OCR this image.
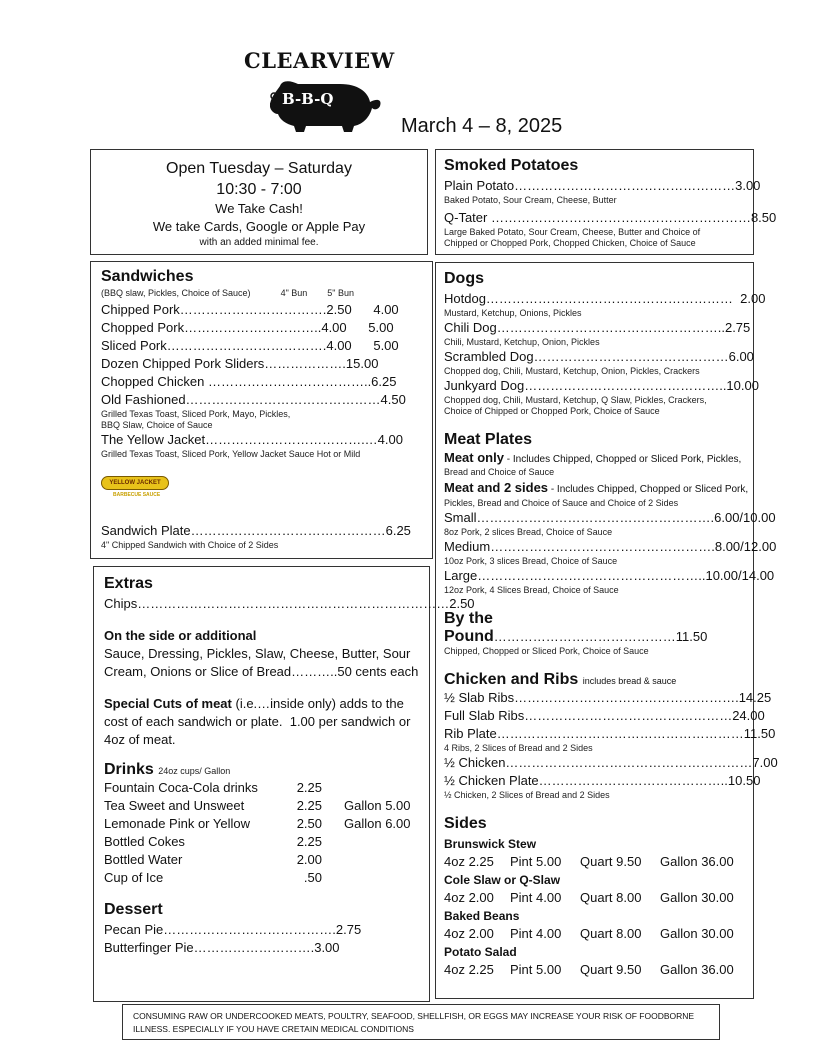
CLEARVIEW
B-B-Q
March 4 – 8, 2025
Open Tuesday – Saturday
10:30 - 7:00
We Take Cash!
We take Cards, Google or Apple Pay
with an added minimal fee.
Sandwiches
(BBQ slaw, Pickles, Choice of Sauce)            4" Bun        5" Bun
Chipped Pork…………………………….2.50      4.00
Chopped Pork…………………………..4.00      5.00
Sliced Pork……………………………….4.00      5.00
Dozen Chipped Pork Sliders……………….15.00
Chopped Chicken ………………………………..6.25
Old Fashioned………………………………………4.50
Grilled Texas Toast, Sliced Pork, Mayo, Pickles,
BBQ Slaw, Choice of Sauce
The Yellow Jacket……………………………….…4.00
Grilled Texas Toast, Sliced Pork, Yellow Jacket Sauce Hot or Mild
YELLOW JACKET
BARBECUE SAUCE
Sandwich Plate………………………………………6.25
4" Chipped Sandwich with Choice of 2 Sides
Extras
Chips………………………………………………………………2.50
On the side or additional
Sauce, Dressing, Pickles, Slaw, Cheese, Butter, Sour
Cream, Onions or Slice of Bread………..50 cents each
Special Cuts of meat (i.e.…inside only) adds to the
cost of each sandwich or plate.  1.00 per sandwich or
4oz of meat.
Drinks 24oz cups/ Gallon
Fountain Coca-Cola drinks	2.25
Tea Sweet and Unsweet	2.25	Gallon 5.00
Lemonade Pink or Yellow	2.50	Gallon 6.00
Bottled Cokes	2.25
Bottled Water	2.00
Cup of Ice	.50
Dessert
Pecan Pie………………………………….2.75
Butterfinger Pie……………………….3.00
Smoked Potatoes
Plain Potato……………………………………………3.00
Baked Potato, Sour Cream, Cheese, Butter
Q-Tater ……………………………………………………8.50
Large Baked Potato, Sour Cream, Cheese, Butter and Choice of
Chipped or Chopped Pork, Chopped Chicken, Choice of Sauce
Dogs
Hotdog…………………………………………………  2.00
Mustard, Ketchup, Onions, Pickles
Chili Dog……………………………………………..2.75
Chili, Mustard, Ketchup, Onion, Pickles
Scrambled Dog………………………………………6.00
Chopped dog, Chili, Mustard, Ketchup, Onion, Pickles, Crackers
Junkyard Dog………………………………………..10.00
Chopped dog, Chili, Mustard, Ketchup, Q Slaw, Pickles, Crackers,
Choice of Chipped or Chopped Pork, Choice of Sauce
Meat Plates
Meat only - Includes Chipped, Chopped or Sliced Pork, Pickles,
Bread and Choice of Sauce
Meat and 2 sides - Includes Chipped, Chopped or Sliced Pork,
Pickles, Bread and Choice of Sauce and Choice of 2 Sides
Small……………………………………………….6.00/10.00
8oz Pork, 2 slices Bread, Choice of Sauce
Medium…………………………………………….8.00/12.00
10oz Pork, 3 slices Bread, Choice of Sauce
Large……………………………………………..10.00/14.00
12oz Pork, 4 Slices Bread, Choice of Sauce
By the Pound……………………………………11.50
Chipped, Chopped or Sliced Pork, Choice of Sauce
Chicken and Ribs includes bread & sauce
½ Slab Ribs…………………………………………….14.25
Full Slab Ribs…………………………………………24.00
Rib Plate…………………………………………………11.50
4 Ribs, 2 Slices of Bread and 2 Sides
½ Chicken…………………………………………………7.00
½ Chicken Plate……………………………………..10.50
½ Chicken, 2 Slices of Bread and 2 Sides
Sides
Brunswick Stew
4oz 2.25	Pint 5.00	Quart 9.50	Gallon 36.00
Cole Slaw or Q-Slaw
4oz 2.00	Pint 4.00	Quart 8.00	Gallon 30.00
Baked Beans
4oz 2.00	Pint 4.00	Quart 8.00	Gallon 30.00
Potato Salad
4oz 2.25	Pint 5.00	Quart 9.50	Gallon 36.00
CONSUMING RAW OR UNDERCOOKED MEATS, POULTRY, SEAFOOD, SHELLFISH, OR EGGS MAY INCREASE YOUR RISK OF FOODBORNE ILLNESS. ESPECIALLY IF YOU HAVE CRETAIN MEDICAL CONDITIONS
